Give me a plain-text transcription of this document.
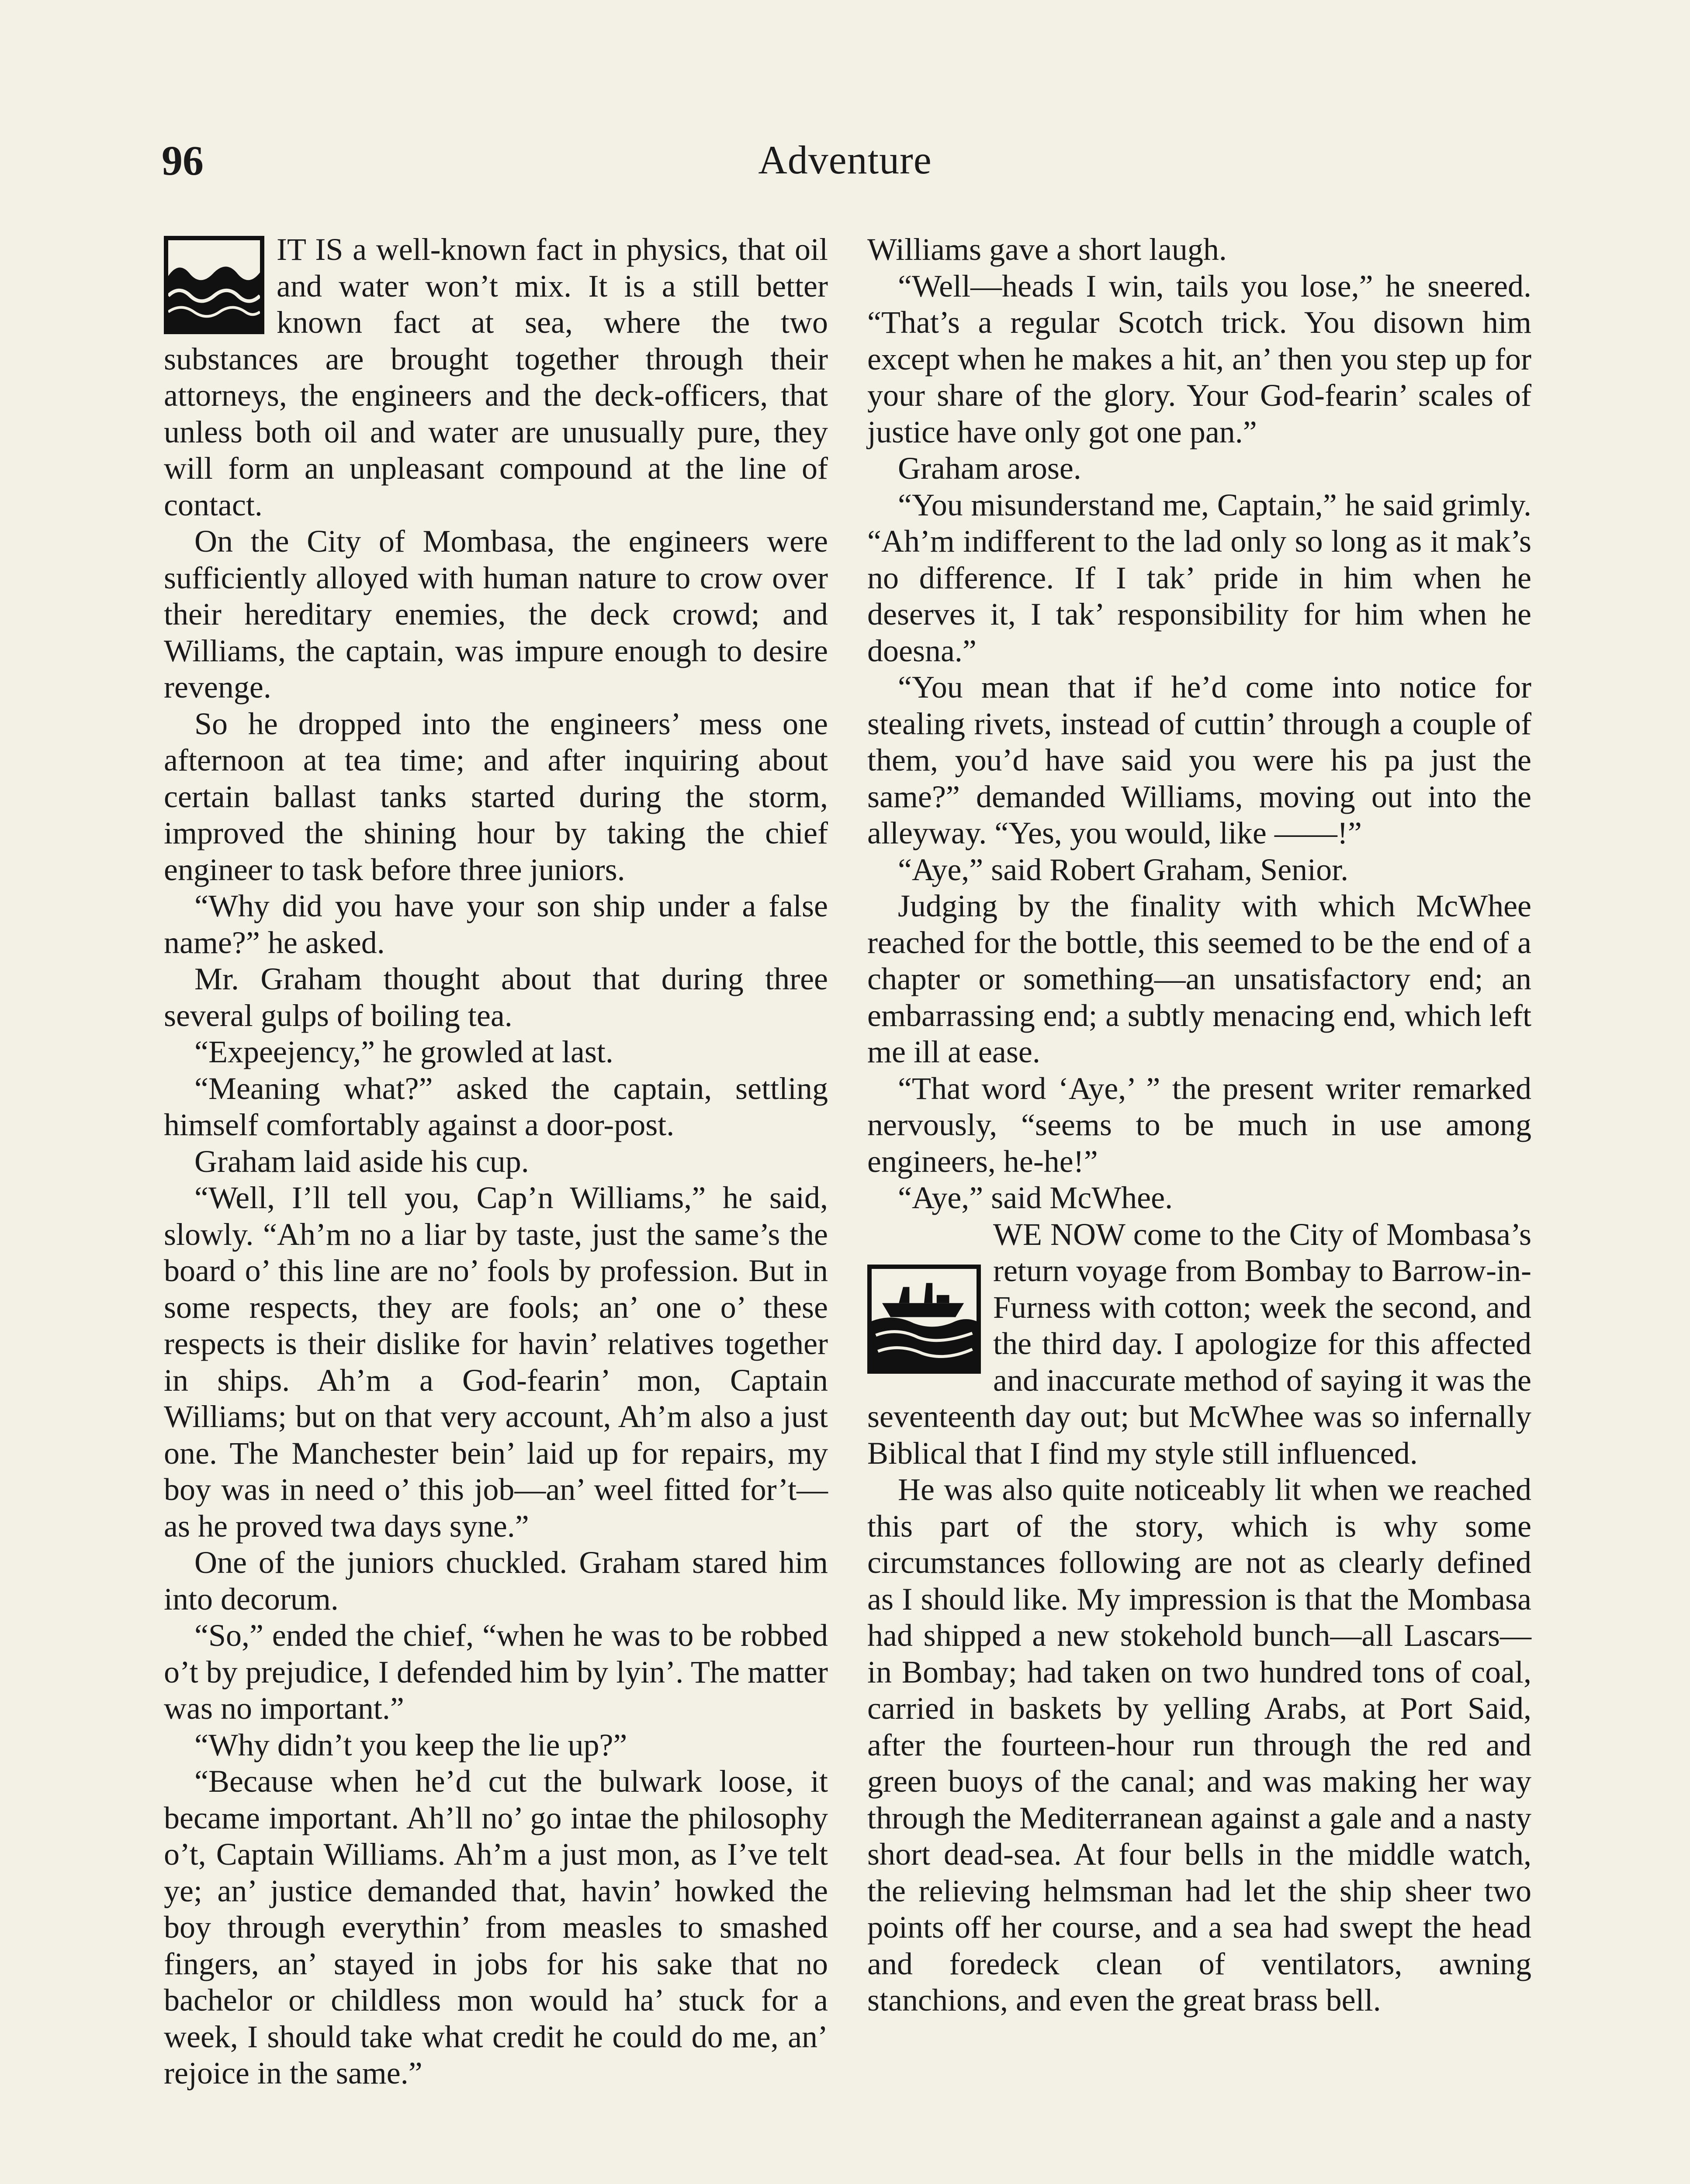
96	Adventure

IT IS a well-known fact in physics, that oil and water won’t mix. It is a still better known fact at sea, where the two substances are brought together through their attorneys, the engineers and the deck-officers, that unless both oil and water are unusually pure, they will form an unpleasant compound at the line of contact.

On the City of Mombasa, the engineers were sufficiently alloyed with human nature to crow over their hereditary enemies, the deck crowd; and Williams, the captain, was impure enough to desire revenge.

So he dropped into the engineers’ mess one afternoon at tea time; and after inquiring about certain ballast tanks started during the storm, improved the shining hour by taking the chief engineer to task before three juniors.

“Why did you have your son ship under a false name?” he asked.

Mr. Graham thought about that during three several gulps of boiling tea.

“Expeejency,” he growled at last.

“Meaning what?” asked the captain, settling himself comfortably against a door-post.

Graham laid aside his cup.

“Well, I’ll tell you, Cap’n Williams,” he said, slowly. “Ah’m no a liar by taste, just the same’s the board o’ this line are no’ fools by profession. But in some respects, they are fools; an’ one o’ these respects is their dislike for havin’ relatives together in ships. Ah’m a God-fearin’ mon, Captain Williams; but on that very account, Ah’m also a just one. The Manchester bein’ laid up for repairs, my boy was in need o’ this job—an’ weel fitted for’t—as he proved twa days syne.”

One of the juniors chuckled. Graham stared him into decorum.

“So,” ended the chief, “when he was to be robbed o’t by prejudice, I defended him by lyin’. The matter was no important.”

“Why didn’t you keep the lie up?”

“Because when he’d cut the bulwark loose, it became important. Ah’ll no’ go intae the philosophy o’t, Captain Williams. Ah’m a just mon, as I’ve telt ye; an’ justice demanded that, havin’ howked the boy through everythin’ from measles to smashed fingers, an’ stayed in jobs for his sake that no bachelor or childless mon would ha’ stuck for a week, I should take what credit he could do me, an’ rejoice in the same.”

Williams gave a short laugh.

“Well—heads I win, tails you lose,” he sneered. “That’s a regular Scotch trick. You disown him except when he makes a hit, an’ then you step up for your share of the glory. Your God-fearin’ scales of justice have only got one pan.”

Graham arose.

“You misunderstand me, Captain,” he said grimly. “Ah’m indifferent to the lad only so long as it mak’s no difference. If I tak’ pride in him when he deserves it, I tak’ responsibility for him when he doesna.”

“You mean that if he’d come into notice for stealing rivets, instead of cuttin’ through a couple of them, you’d have said you were his pa just the same?” demanded Williams, moving out into the alleyway. “Yes, you would, like ——!”

“Aye,” said Robert Graham, Senior.

Judging by the finality with which McWhee reached for the bottle, this seemed to be the end of a chapter or something—an unsatisfactory end; an embarrassing end; a subtly menacing end, which left me ill at ease.

“That word ‘Aye,’ ” the present writer remarked nervously, “seems to be much in use among engineers, he-he!”

“Aye,” said McWhee.

WE NOW come to the City of Mombasa’s return voyage from Bombay to Barrow-in-Furness with cotton; week the second, and the third day. I apologize for this affected and inaccurate method of saying it was the seventeenth day out; but McWhee was so infernally Biblical that I find my style still influenced.

He was also quite noticeably lit when we reached this part of the story, which is why some circumstances following are not as clearly defined as I should like. My impression is that the Mombasa had shipped a new stokehold bunch—all Lascars—in Bombay; had taken on two hundred tons of coal, carried in baskets by yelling Arabs, at Port Said, after the fourteen-hour run through the red and green buoys of the canal; and was making her way through the Mediterranean against a gale and a nasty short dead-sea. At four bells in the middle watch, the relieving helmsman had let the ship sheer two points off her course, and a sea had swept the head and foredeck clean of ventilators, awning stanchions, and even the great brass bell.
